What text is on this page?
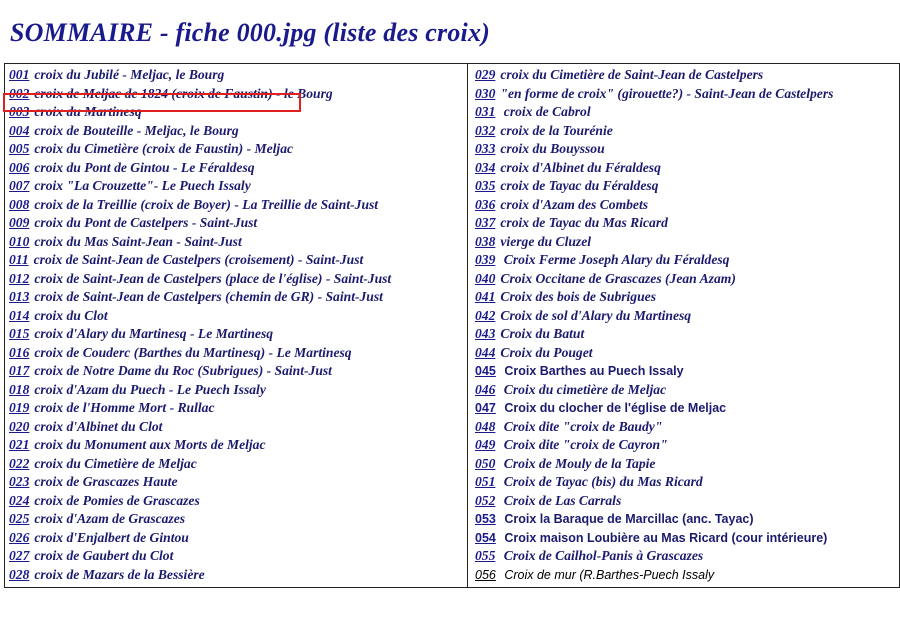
SOMMAIRE - fiche 000.jpg (liste des croix)
001 croix du Jubilé - Meljac, le Bourg
002 croix de Meljac de 1824 (croix de Faustin) - le Bourg
003 croix du Martinesq
004 croix de Bouteille - Meljac, le Bourg
005 croix du Cimetière (croix de Faustin) - Meljac
006 croix du Pont de Gintou - Le Féraldesq
007 croix "La Crouzette"- Le Puech Issaly
008 croix de la Treillie (croix de Boyer) - La Treillie de Saint-Just
009 croix du Pont de Castelpers - Saint-Just
010 croix du Mas Saint-Jean - Saint-Just
011 croix de Saint-Jean de Castelpers (croisement) - Saint-Just
012 croix de Saint-Jean de Castelpers (place de l'église) - Saint-Just
013 croix de Saint-Jean de Castelpers (chemin de GR) - Saint-Just
014 croix du Clot
015 croix d'Alary du Martinesq - Le Martinesq
016 croix de Couderc (Barthes du Martinesq) - Le Martinesq
017 croix de Notre Dame du Roc (Subrigues) - Saint-Just
018 croix d'Azam du Puech - Le Puech Issaly
019 croix de l'Homme Mort - Rullac
020 croix d'Albinet du Clot
021 croix du Monument aux Morts de Meljac
022 croix du Cimetière de Meljac
023 croix de Grascazes Haute
024 croix de Pomies de Grascazes
025 croix d'Azam de Grascazes
026 croix d'Enjalbert de Gintou
027 croix de Gaubert du Clot
028 croix de Mazars de la Bessière
029 croix du Cimetière de Saint-Jean de Castelpers
030 "en forme de croix" (girouette?) - Saint-Jean de Castelpers
031 croix de Cabrol
032 croix de la Tourénie
033 croix du Bouyssou
034 croix d'Albinet du Féraldesq
035 croix de Tayac du Féraldesq
036 croix d'Azam des Combets
037 croix de Tayac du Mas Ricard
038 vierge du Cluzel
039 Croix Ferme Joseph Alary du Féraldesq
040 Croix Occitane de Grascazes (Jean Azam)
041 Croix des bois de Subrigues
042 Croix de sol d'Alary du Martinesq
043 Croix du Batut
044 Croix du Pouget
045 Croix Barthes au Puech Issaly
046 Croix du cimetière de Meljac
047 Croix du clocher de l'église de Meljac
048 Croix dite "croix de Baudy"
049 Croix dite "croix de Cayron"
050 Croix de Mouly de la Tapie
051 Croix de Tayac (bis) du Mas Ricard
052 Croix de Las Carrals
053 Croix la Baraque de Marcillac (anc. Tayac)
054 Croix maison Loubière au Mas Ricard (cour intérieure)
055 Croix de Cailhol-Panis à Grascazes
056 Croix de mur (R.Barthes-Puech Issaly
